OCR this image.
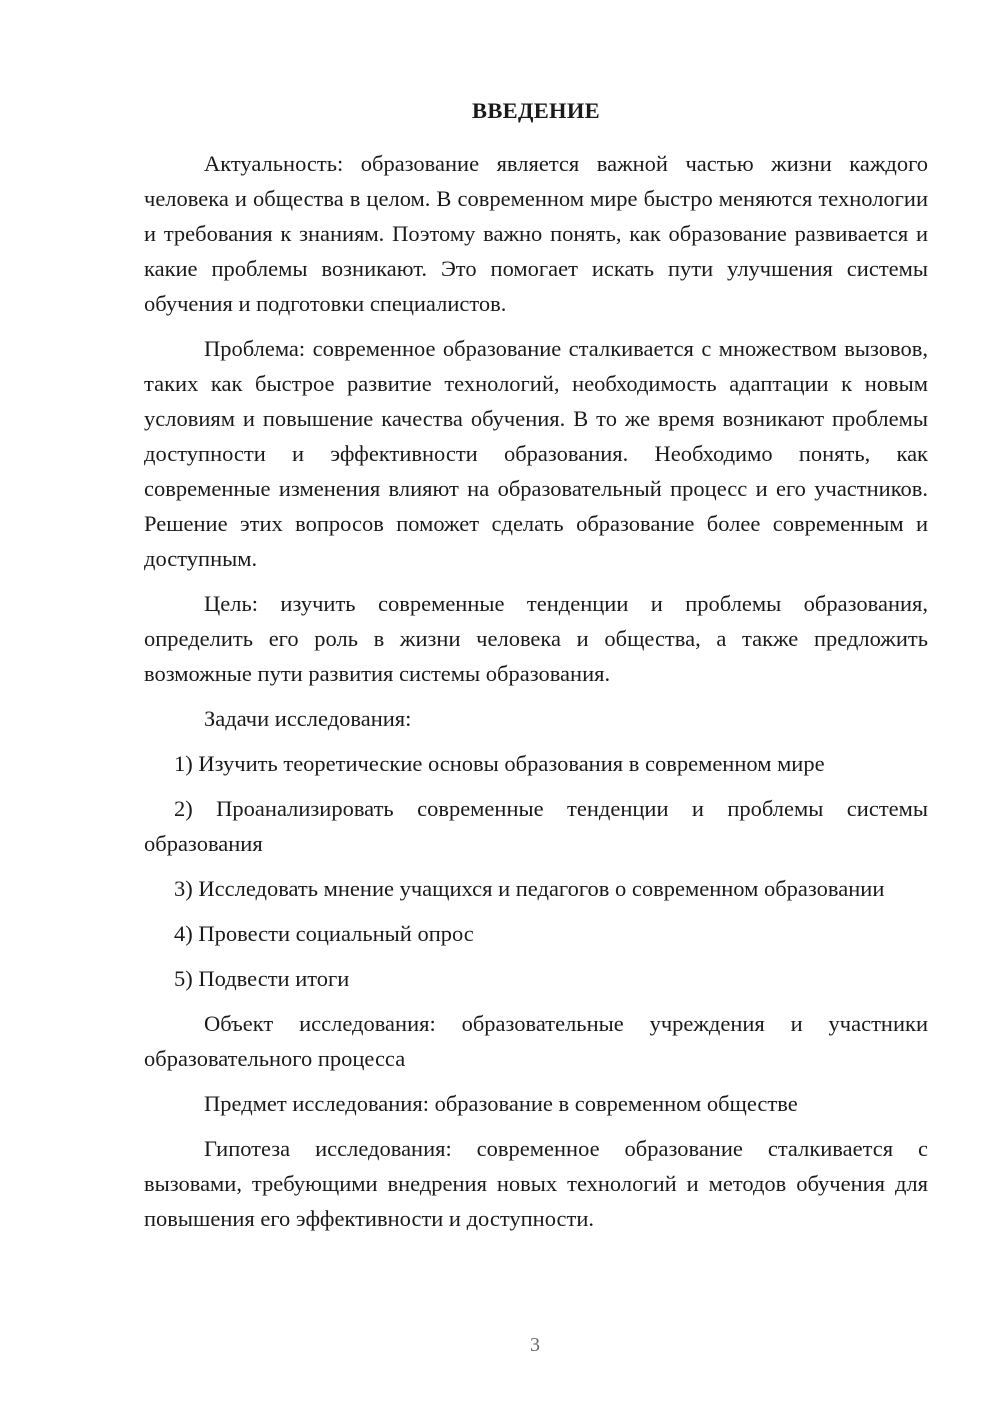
ВВЕДЕНИЕ

Актуальность: образование является важной частью жизни каждого человека и общества в целом. В современном мире быстро меняются технологии и требования к знаниям. Поэтому важно понять, как образование развивается и какие проблемы возникают. Это помогает искать пути улучшения системы обучения и подготовки специалистов.

Проблема: современное образование сталкивается с множеством вызовов, таких как быстрое развитие технологий, необходимость адаптации к новым условиям и повышение качества обучения. В то же время возникают проблемы доступности и эффективности образования. Необходимо понять, как современные изменения влияют на образовательный процесс и его участников. Решение этих вопросов поможет сделать образование более современным и доступным.

Цель: изучить современные тенденции и проблемы образования, определить его роль в жизни человека и общества, а также предложить возможные пути развития системы образования.

Задачи исследования:

1) Изучить теоретические основы образования в современном мире

2) Проанализировать современные тенденции и проблемы системы образования

3) Исследовать мнение учащихся и педагогов о современном образовании

4) Провести социальный опрос

5) Подвести итоги

Объект исследования: образовательные учреждения и участники образовательного процесса

Предмет исследования: образование в современном обществе

Гипотеза исследования: современное образование сталкивается с вызовами, требующими внедрения новых технологий и методов обучения для повышения его эффективности и доступности.

3
